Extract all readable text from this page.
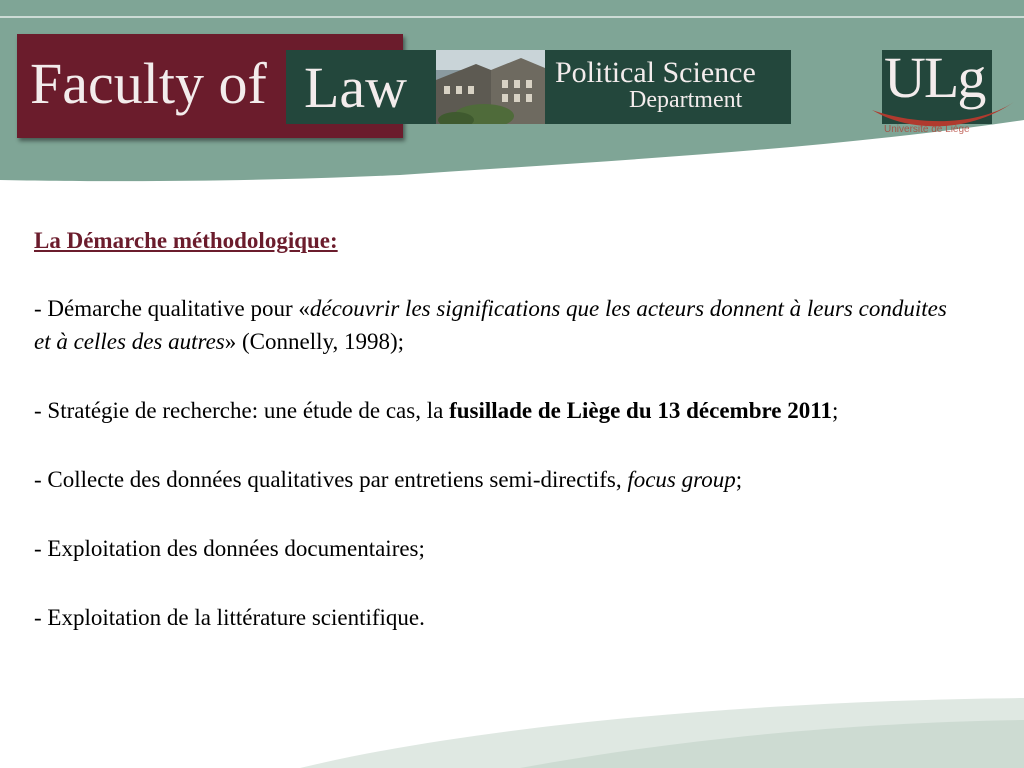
Faculty of Law	Political Science
Department ULg
Université de Liège

La Démarche méthodologique:

- Démarche qualitative pour «découvrir les significations que les acteurs donnent à leurs conduites et à celles des autres» (Connelly, 1998);

- Stratégie de recherche: une étude de cas, la fusillade de Liège du 13 décembre 2011;

- Collecte des données qualitatives par entretiens semi-directifs, focus group;

- Exploitation des données documentaires;

- Exploitation de la littérature scientifique.
